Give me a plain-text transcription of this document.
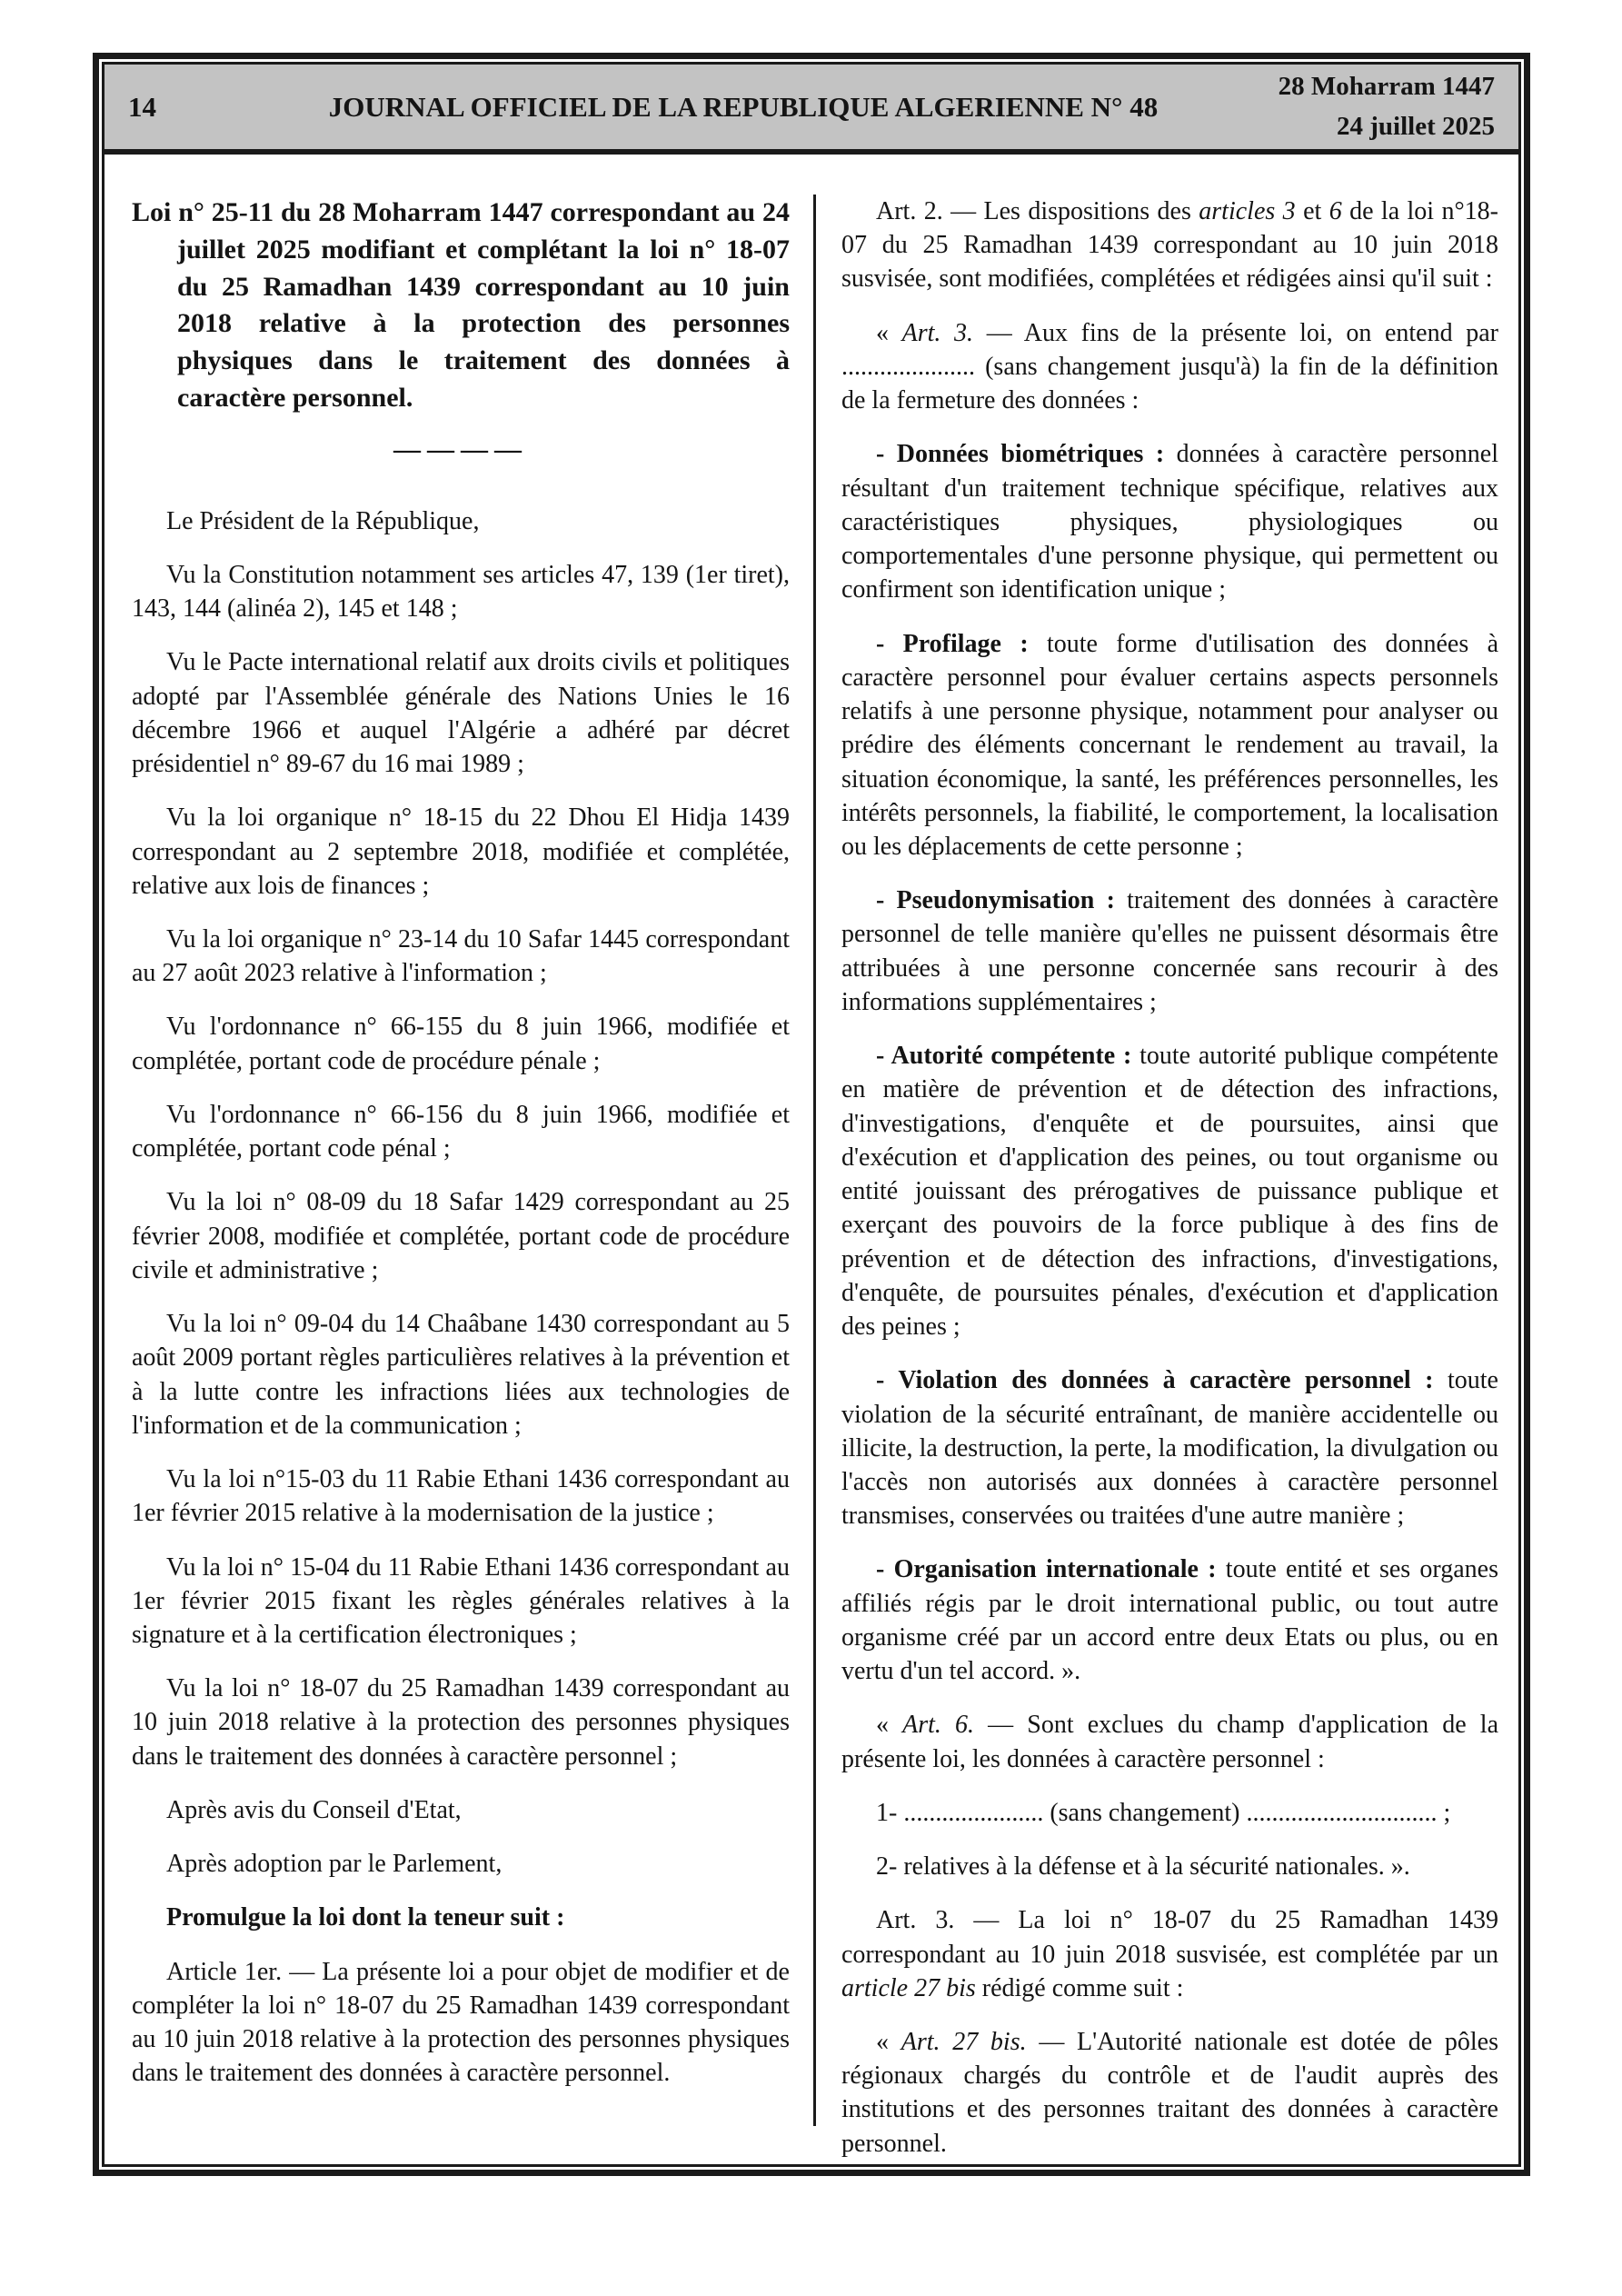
14	JOURNAL OFFICIEL DE LA REPUBLIQUE ALGERIENNE N° 48
28 Moharram 1447
24 juillet 2025

Loi n° 25-11 du 28 Moharram 1447 correspondant au 24 juillet 2025 modifiant et complétant la loi n° 18-07 du 25 Ramadhan 1439 correspondant au 10 juin 2018 relative à la protection des personnes physiques dans le traitement des données à caractère personnel.

————

Le Président de la République,

Vu la Constitution notamment ses articles 47, 139 (1er tiret), 143, 144 (alinéa 2), 145 et 148 ;

Vu le Pacte international relatif aux droits civils et politiques adopté par l'Assemblée générale des Nations Unies le 16 décembre 1966 et auquel l'Algérie a adhéré par décret présidentiel n° 89-67 du 16 mai 1989 ;

Vu la loi organique n° 18-15 du 22 Dhou El Hidja 1439 correspondant au 2 septembre 2018, modifiée et complétée, relative aux lois de finances ;

Vu la loi organique n° 23-14 du 10 Safar 1445 correspondant au 27 août 2023 relative à l'information ;

Vu l'ordonnance n° 66-155 du 8 juin 1966, modifiée et complétée, portant code de procédure pénale ;

Vu l'ordonnance n° 66-156 du 8 juin 1966, modifiée et complétée, portant code pénal ;

Vu la loi n° 08-09 du 18 Safar 1429 correspondant au 25 février 2008, modifiée et complétée, portant code de procédure civile et administrative ;

Vu la loi n° 09-04 du 14 Chaâbane 1430 correspondant au 5 août 2009 portant règles particulières relatives à la prévention et à la lutte contre les infractions liées aux technologies de l'information et de la communication ;

Vu la loi n°15-03 du 11 Rabie Ethani 1436 correspondant au 1er février 2015 relative à la modernisation de la justice ;

Vu la loi n° 15-04 du 11 Rabie Ethani 1436 correspondant au 1er février 2015 fixant les règles générales relatives à la signature et à la certification électroniques ;

Vu la loi n° 18-07 du 25 Ramadhan 1439 correspondant au 10 juin 2018 relative à la protection des personnes physiques dans le traitement des données à caractère personnel ;

Après avis du Conseil d'Etat,

Après adoption par le Parlement,

Promulgue la loi dont la teneur suit :

Article 1er. — La présente loi a pour objet de modifier et de compléter la loi n° 18-07 du 25 Ramadhan 1439 correspondant au 10 juin 2018 relative à la protection des personnes physiques dans le traitement des données à caractère personnel.

Art. 2. — Les dispositions des articles 3 et 6 de la loi n°18-07 du 25 Ramadhan 1439 correspondant au 10 juin 2018 susvisée, sont modifiées, complétées et rédigées ainsi qu'il suit :

« Art. 3. — Aux fins de la présente loi, on entend par ..................... (sans changement jusqu'à) la fin de la définition de la fermeture des données :

- Données biométriques : données à caractère personnel résultant d'un traitement technique spécifique, relatives aux caractéristiques physiques, physiologiques ou comportementales d'une personne physique, qui permettent ou confirment son identification unique ;

- Profilage : toute forme d'utilisation des données à caractère personnel pour évaluer certains aspects personnels relatifs à une personne physique, notamment pour analyser ou prédire des éléments concernant le rendement au travail, la situation économique, la santé, les préférences personnelles, les intérêts personnels, la fiabilité, le comportement, la localisation ou les déplacements de cette personne ;

- Pseudonymisation : traitement des données à caractère personnel de telle manière qu'elles ne puissent désormais être attribuées à une personne concernée sans recourir à des informations supplémentaires ;

- Autorité compétente : toute autorité publique compétente en matière de prévention et de détection des infractions, d'investigations, d'enquête et de poursuites, ainsi que d'exécution et d'application des peines, ou tout organisme ou entité jouissant des prérogatives de puissance publique et exerçant des pouvoirs de la force publique à des fins de prévention et de détection des infractions, d'investigations, d'enquête, de poursuites pénales, d'exécution et d'application des peines ;

- Violation des données à caractère personnel : toute violation de la sécurité entraînant, de manière accidentelle ou illicite, la destruction, la perte, la modification, la divulgation ou l'accès non autorisés aux données à caractère personnel transmises, conservées ou traitées d'une autre manière ;

- Organisation internationale : toute entité et ses organes affiliés régis par le droit international public, ou tout autre organisme créé par un accord entre deux Etats ou plus, ou en vertu d'un tel accord. ».

« Art. 6. — Sont exclues du champ d'application de la présente loi, les données à caractère personnel :

1- ...................... (sans changement) .............................. ;

2- relatives à la défense et à la sécurité nationales. ».

Art. 3. — La loi n° 18-07 du 25 Ramadhan 1439 correspondant au 10 juin 2018 susvisée, est complétée par un article 27 bis rédigé comme suit :

« Art. 27 bis. — L'Autorité nationale est dotée de pôles régionaux chargés du contrôle et de l'audit auprès des institutions et des personnes traitant des données à caractère personnel.
